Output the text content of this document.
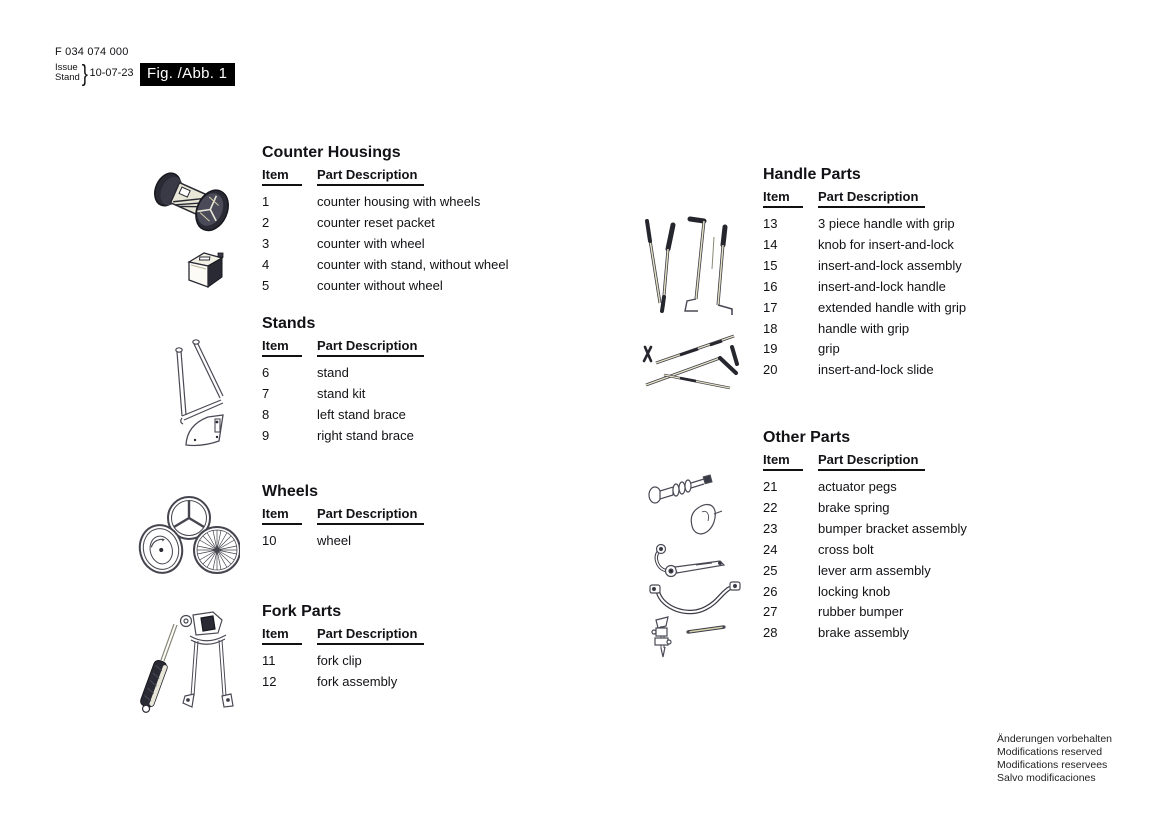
F 034 074 000
Issue
Stand } 10-07-23 Fig. /Abb. 1
Counter Housings
Item	Part Description
1	counter housing with wheels
2	counter reset packet
3	counter with wheel
4	counter with stand, without wheel
5	counter without wheel
Stands
Item	Part Description
6	stand
7	stand kit
8	left stand brace
9	right stand brace
Wheels
Item	Part Description
10	wheel
Fork Parts
Item	Part Description
11	fork clip
12	fork assembly
Handle Parts
Item	Part Description
13	3 piece handle with grip
14	knob for insert-and-lock
15	insert-and-lock assembly
16	insert-and-lock handle
17	extended handle with grip
18	handle with grip
19	grip
20	insert-and-lock slide
Other Parts
Item	Part Description
21	actuator pegs
22	brake spring
23	bumper bracket assembly
24	cross bolt
25	lever arm assembly
26	locking knob
27	rubber bumper
28	brake assembly
Änderungen vorbehalten
Modifications reserved
Modifications reservees
Salvo modificaciones
